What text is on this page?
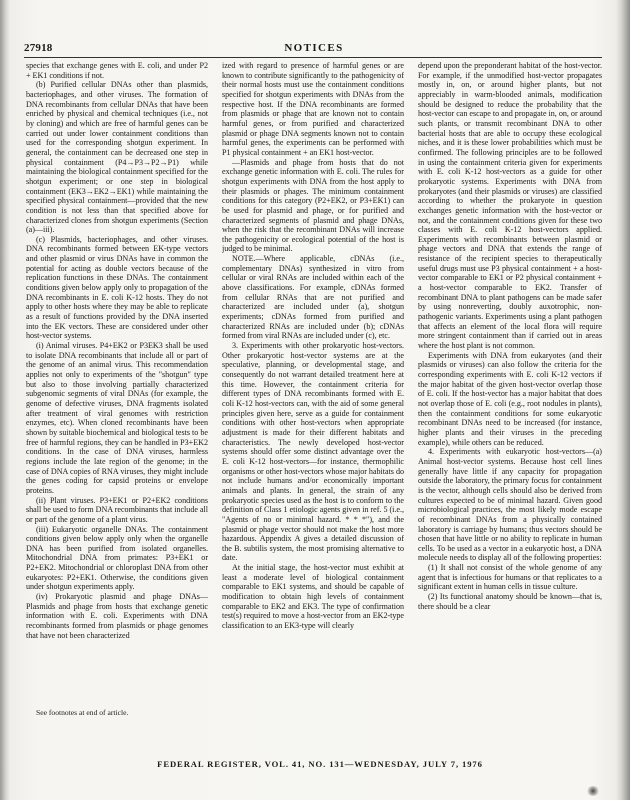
27918	NOTICES

species that exchange genes with E. coli, and under P2 + EK1 conditions if not.

(b) Purified cellular DNAs other than plasmids, bacteriophages, and other viruses. The formation of DNA recombinants from cellular DNAs that have been enriched by physical and chemical techniques (i.e., not by cloning) and which are free of harmful genes can be carried out under lower containment conditions than used for the corresponding shotgun experiment. In general, the containment can be decreased one step in physical containment (P4→P3→P2→P1) while maintaining the biological containment specified for the shotgun experiment; or one step in biological containment (EK3→EK2→EK1) while maintaining the specified physical containment—provided that the new condition is not less than that specified above for characterized clones from shotgun experiments (Section (a)—iii).

(c) Plasmids, bacteriophages, and other viruses. DNA recombinants formed between EK-type vectors and other plasmid or virus DNAs have in common the potential for acting as double vectors because of the replication functions in these DNAs. The containment conditions given below apply only to propagation of the DNA recombinants in E. coli K-12 hosts. They do not apply to other hosts where they may be able to replicate as a result of functions provided by the DNA inserted into the EK vectors. These are considered under other host-vector systems.

(i) Animal viruses. P4+EK2 or P3EK3 shall be used to isolate DNA recombinants that include all or part of the genome of an animal virus. This recommendation applies not only to experiments of the "shotgun" type but also to those involving partially characterized subgenomic segments of viral DNAs (for example, the genome of defective viruses, DNA fragments isolated after treatment of viral genomes with restriction enzymes, etc). When cloned recombinants have been shown by suitable biochemical and biological tests to be free of harmful regions, they can be handled in P3+EK2 conditions. In the case of DNA viruses, harmless regions include the late region of the genome; in the case of DNA copies of RNA viruses, they might include the genes coding for capsid proteins or envelope proteins.

(ii) Plant viruses. P3+EK1 or P2+EK2 conditions shall be used to form DNA recombinants that include all or part of the genome of a plant virus.

(iii) Eukaryotic organelle DNAs. The containment conditions given below apply only when the organelle DNA has been purified from isolated organelles. Mitochondrial DNA from primates: P3+EK1 or P2+EK2. Mitochondrial or chloroplast DNA from other eukaryotes: P2+EK1. Otherwise, the conditions given under shotgun experiments apply.

(iv) Prokaryotic plasmid and phage DNAs—Plasmids and phage from hosts that exchange genetic information with E. coli. Experiments with DNA recombinants formed from plasmids or phage genomes that have not been characterized

ized with regard to presence of harmful genes or are known to contribute significantly to the pathogenicity of their normal hosts must use the containment conditions specified for shotgun experiments with DNAs from the respective host. If the DNA recombinants are formed from plasmids or phage that are known not to contain harmful genes, or from purified and characterized plasmid or phage DNA segments known not to contain harmful genes, the experiments can be performed with P1 physical containment + an EK1 host-vector.

—Plasmids and phage from hosts that do not exchange genetic information with E. coli. The rules for shotgun experiments with DNA from the host apply to their plasmids or phages. The minimum containment conditions for this category (P2+EK2, or P3+EK1) can be used for plasmid and phage, or for purified and characterized segments of plasmid and phage DNAs, when the risk that the recombinant DNAs will increase the pathogenicity or ecological potential of the host is judged to be minimal.

NOTE.—Where applicable, cDNAs (i.e., complementary DNAs) synthesized in vitro from cellular or viral RNAs are included within each of the above classifications. For example, cDNAs formed from cellular RNAs that are not purified and characterized are included under (a), shotgun experiments; cDNAs formed from purified and characterized RNAs are included under (b); cDNAs formed from viral RNAs are included under (c), etc.

3. Experiments with other prokaryotic host-vectors. Other prokaryotic host-vector systems are at the speculative, planning, or developmental stage, and consequently do not warrant detailed treatment here at this time. However, the containment criteria for different types of DNA recombinants formed with E. coli K-12 host-vectors can, with the aid of some general principles given here, serve as a guide for containment conditions with other host-vectors when appropriate adjustment is made for their different habitats and characteristics. The newly developed host-vector systems should offer some distinct advantage over the E. coli K-12 host-vectors—for instance, thermophilic organisms or other host-vectors whose major habitats do not include humans and/or economically important animals and plants. In general, the strain of any prokaryotic species used as the host is to conform to the definition of Class 1 etiologic agents given in ref. 5 (i.e., "Agents of no or minimal hazard. * * *"), and the plasmid or phage vector should not make the host more hazardous. Appendix A gives a detailed discussion of the B. subtilis system, the most promising alternative to date.

At the initial stage, the host-vector must exhibit at least a moderate level of biological containment comparable to EK1 systems, and should be capable of modification to obtain high levels of containment comparable to EK2 and EK3. The type of confirmation test(s) required to move a host-vector from an EK2-type classification to an EK3-type will clearly

depend upon the preponderant habitat of the host-vector. For example, if the unmodified host-vector propagates mostly in, on, or around higher plants, but not appreciably in warm-blooded animals, modification should be designed to reduce the probability that the host-vector can escape to and propagate in, on, or around such plants, or transmit recombinant DNA to other bacterial hosts that are able to occupy these ecological niches, and it is these lower probabilities which must be confirmed. The following principles are to be followed in using the containment criteria given for experiments with E. coli K-12 host-vectors as a guide for other prokaryotic systems. Experiments with DNA from prokaryotes (and their plasmids or viruses) are classified according to whether the prokaryote in question exchanges genetic information with the host-vector or not, and the containment conditions given for these two classes with E. coli K-12 host-vectors applied. Experiments with recombinants between plasmid or phage vectors and DNA that extends the range of resistance of the recipient species to therapeutically useful drugs must use P3 physical containment + a host-vector comparable to EK1 or P2 physical containment + a host-vector comparable to EK2. Transfer of recombinant DNA to plant pathogens can be made safer by using nonreverting, doubly auxotrophic, non-pathogenic variants. Experiments using a plant pathogen that affects an element of the local flora will require more stringent containment than if carried out in areas where the host plant is not common.

Experiments with DNA from eukaryotes (and their plasmids or viruses) can also follow the criteria for the corresponding experiments with E. coli K-12 vectors if the major habitat of the given host-vector overlap those of E. coli. If the host-vector has a major habitat that does not overlap those of E. coli (e.g., root nodules in plants), then the containment conditions for some eukaryotic recombinant DNAs need to be increased (for instance, higher plants and their viruses in the preceding example), while others can be reduced.

4. Experiments with eukaryotic host-vectors—(a) Animal host-vector systems. Because host cell lines generally have little if any capacity for propagation outside the laboratory, the primary focus for containment is the vector, although cells should also be derived from cultures expected to be of minimal hazard. Given good microbiological practices, the most likely mode escape of recombinant DNAs from a physically contained laboratory is carriage by humans; thus vectors should be chosen that have little or no ability to replicate in human cells. To be used as a vector in a eukaryotic host, a DNA molecule needs to display all of the following properties:

(1) It shall not consist of the whole genome of any agent that is infectious for humans or that replicates to a significant extent in human cells in tissue culture.

(2) Its functional anatomy should be known—that is, there should be a clear

See footnotes at end of article.
FEDERAL REGISTER, VOL. 41, NO. 131—WEDNESDAY, JULY 7, 1976
